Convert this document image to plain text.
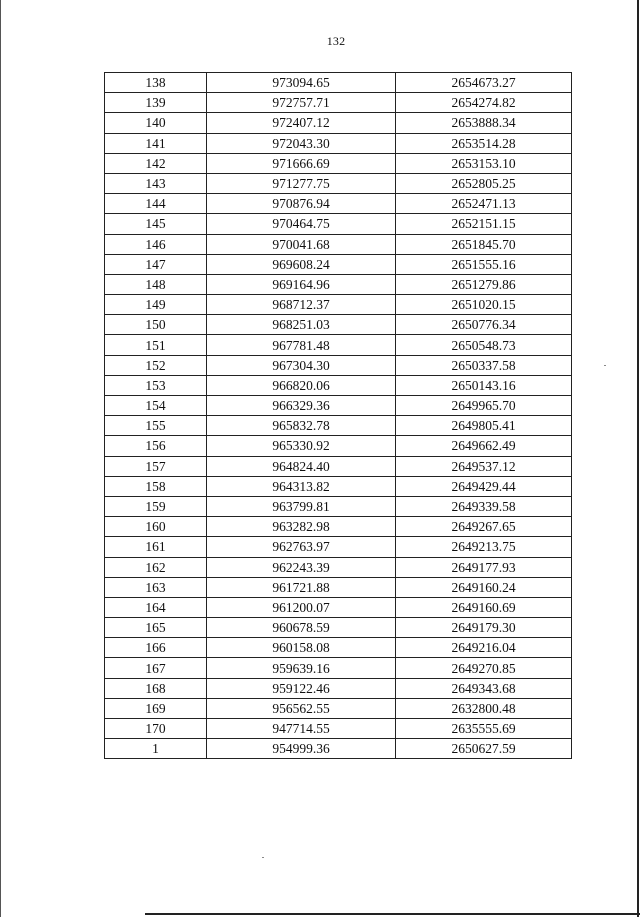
132
138	973094.65	2654673.27
139	972757.71	2654274.82
140	972407.12	2653888.34
141	972043.30	2653514.28
142	971666.69	2653153.10
143	971277.75	2652805.25
144	970876.94	2652471.13
145	970464.75	2652151.15
146	970041.68	2651845.70
147	969608.24	2651555.16
148	969164.96	2651279.86
149	968712.37	2651020.15
150	968251.03	2650776.34
151	967781.48	2650548.73
152	967304.30	2650337.58
153	966820.06	2650143.16
154	966329.36	2649965.70
155	965832.78	2649805.41
156	965330.92	2649662.49
157	964824.40	2649537.12
158	964313.82	2649429.44
159	963799.81	2649339.58
160	963282.98	2649267.65
161	962763.97	2649213.75
162	962243.39	2649177.93
163	961721.88	2649160.24
164	961200.07	2649160.69
165	960678.59	2649179.30
166	960158.08	2649216.04
167	959639.16	2649270.85
168	959122.46	2649343.68
169	956562.55	2632800.48
170	947714.55	2635555.69
1	954999.36	2650627.59
